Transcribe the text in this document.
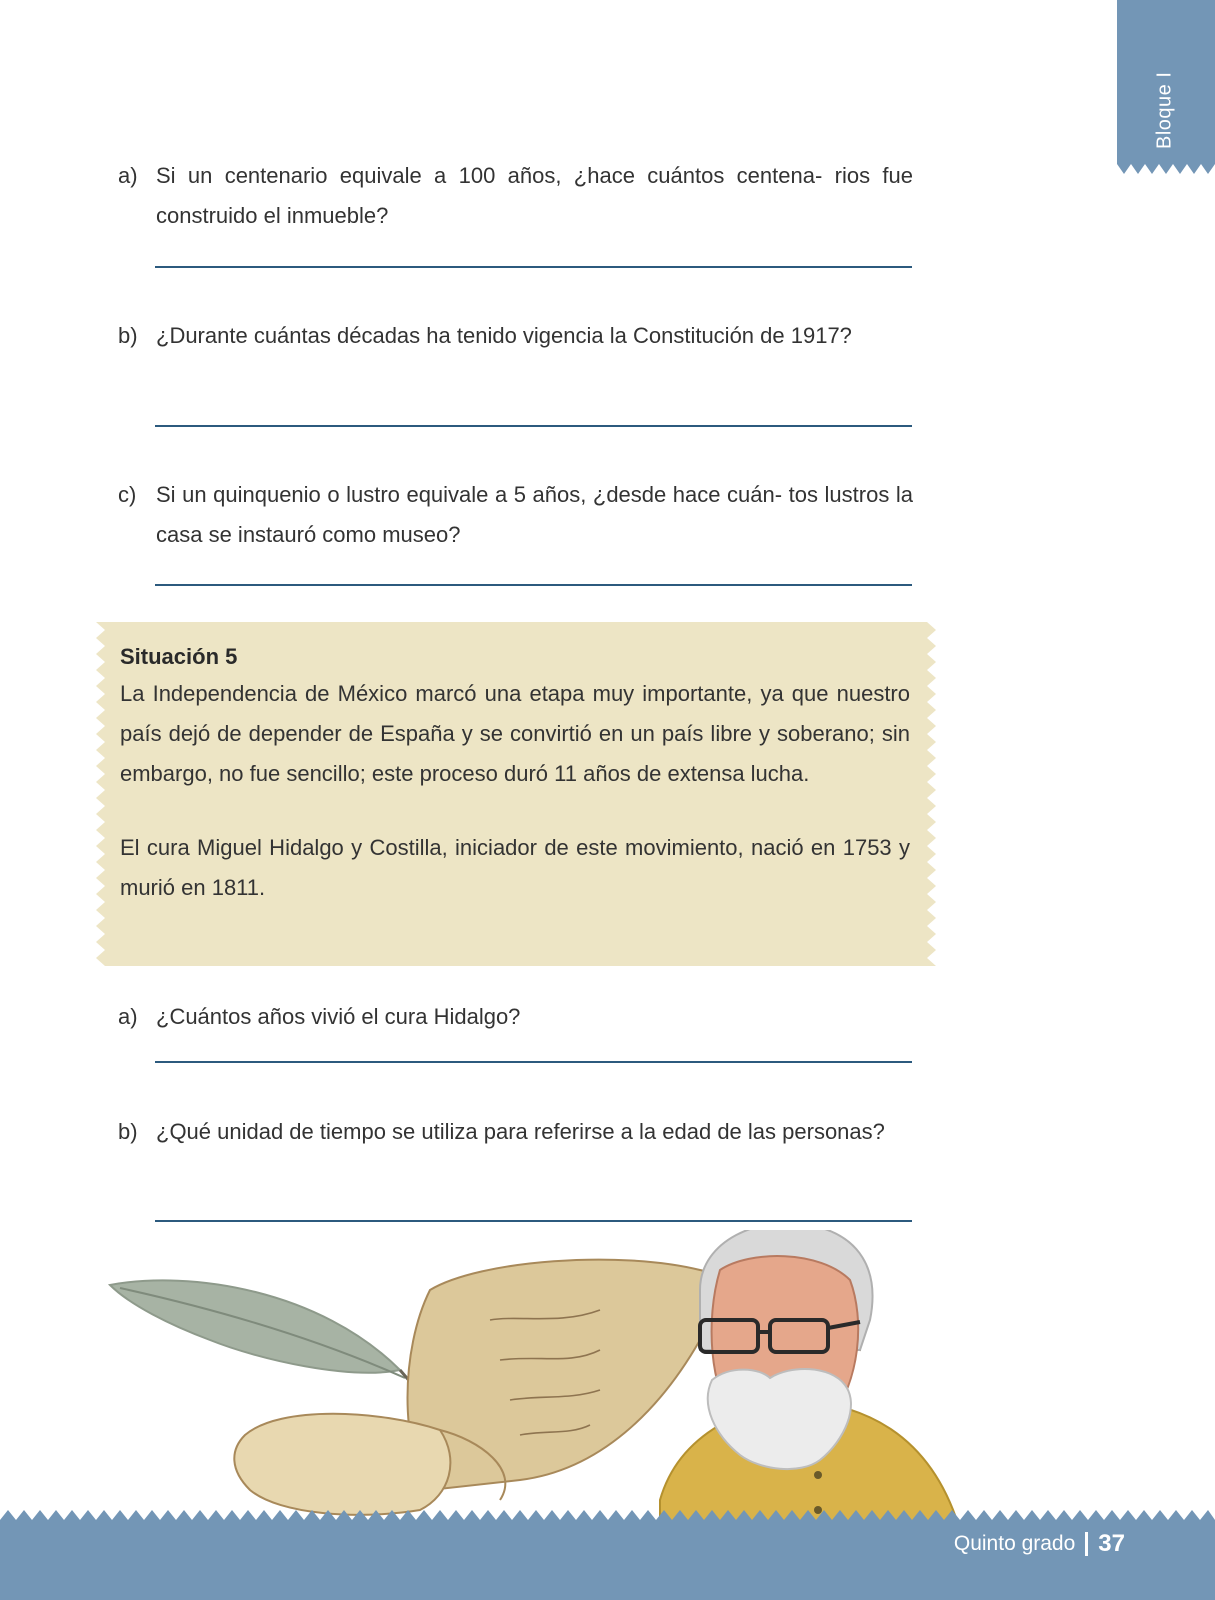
Bloque I
a) Si un centenario equivale a 100 años, ¿hace cuántos centena- rios fue construido el inmueble?
b) ¿Durante cuántas décadas ha tenido vigencia la Constitución de 1917?
c) Si un quinquenio o lustro equivale a 5 años, ¿desde hace cuán- tos lustros la casa se instauró como museo?
Situación 5

La Independencia de México marcó una etapa muy importante, ya que nuestro país dejó de depender de España y se convirtió en un país libre y soberano; sin embargo, no fue sencillo; este proceso duró 11 años de extensa lucha.

El cura Miguel Hidalgo y Costilla, iniciador de este movimiento, nació en 1753 y murió en 1811.

a) ¿Cuántos años vivió el cura Hidalgo?
b) ¿Qué unidad de tiempo se utiliza para referirse a la edad de las personas?
Quinto grado 37
